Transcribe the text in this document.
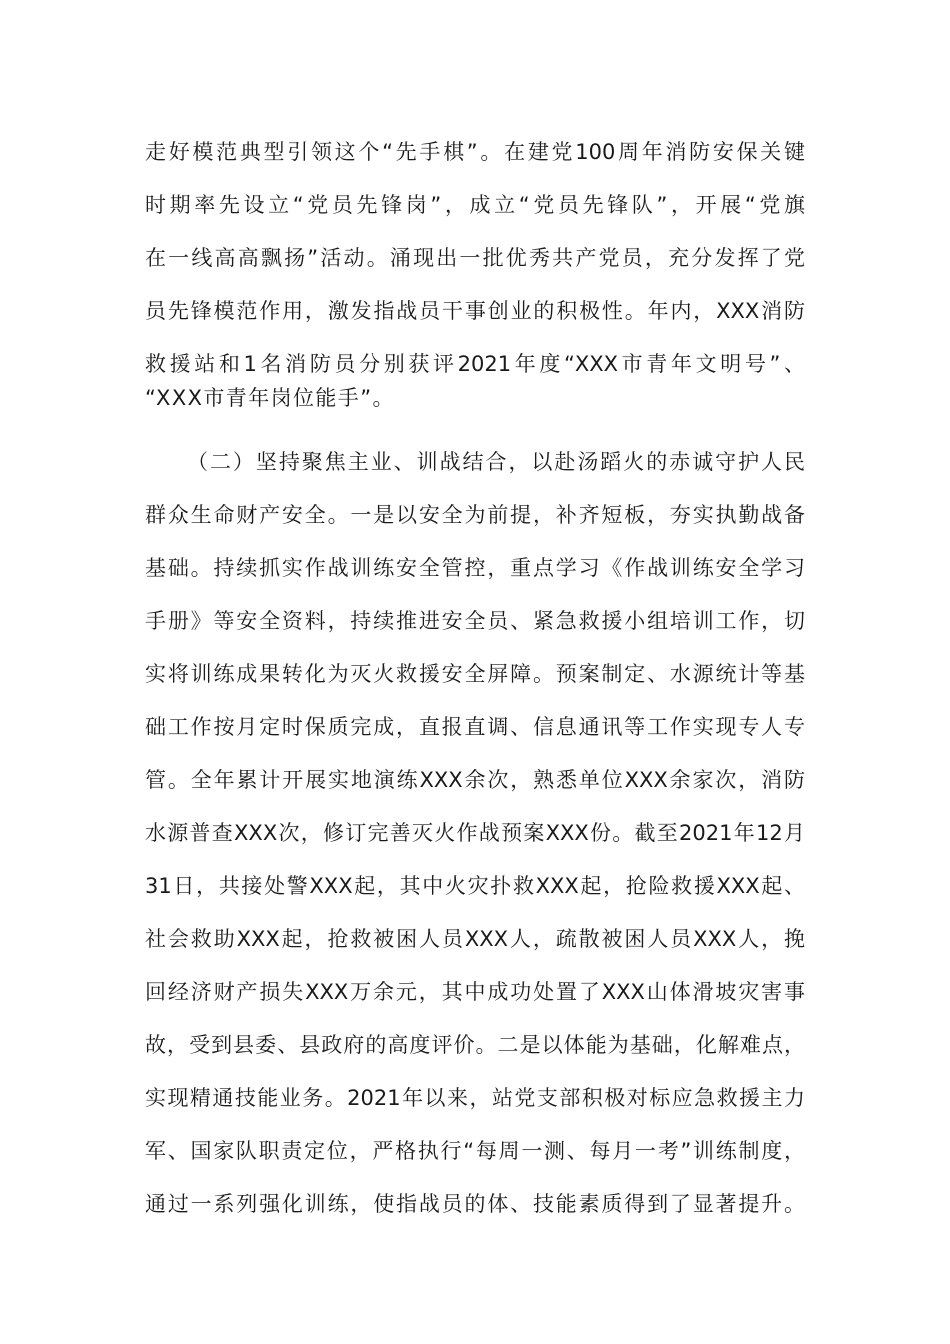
走好模范典型引领这个“先手棋”。在建党100周年消防安保关键
时期率先设立“党员先锋岗”，成立“党员先锋队”，开展“党旗
在一线高高飘扬”活动。涌现出一批优秀共产党员，充分发挥了党
员先锋模范作用，激发指战员干事创业的积极性。年内，XXX消防
救援站和1名消防员分别获评2021年度“XXX市青年文明号”、
“XXX市青年岗位能手”。
（二）坚持聚焦主业、训战结合，以赴汤蹈火的赤诚守护人民
群众生命财产安全。一是以安全为前提，补齐短板，夯实执勤战备
基础。持续抓实作战训练安全管控，重点学习《作战训练安全学习
手册》等安全资料，持续推进安全员、紧急救援小组培训工作，切
实将训练成果转化为灭火救援安全屏障。预案制定、水源统计等基
础工作按月定时保质完成，直报直调、信息通讯等工作实现专人专
管。全年累计开展实地演练XXX余次，熟悉单位XXX余家次，消防
水源普查XXX次，修订完善灭火作战预案XXX份。截至2021年12月
31日，共接处警XXX起，其中火灾扑救XXX起，抢险救援XXX起、
社会救助XXX起，抢救被困人员XXX人，疏散被困人员XXX人，挽
回经济财产损失XXX万余元，其中成功处置了XXX山体滑坡灾害事
故，受到县委、县政府的高度评价。二是以体能为基础，化解难点，
实现精通技能业务。2021年以来，站党支部积极对标应急救援主力
军、国家队职责定位，严格执行“每周一测、每月一考”训练制度，
通过一系列强化训练，使指战员的体、技能素质得到了显著提升。
